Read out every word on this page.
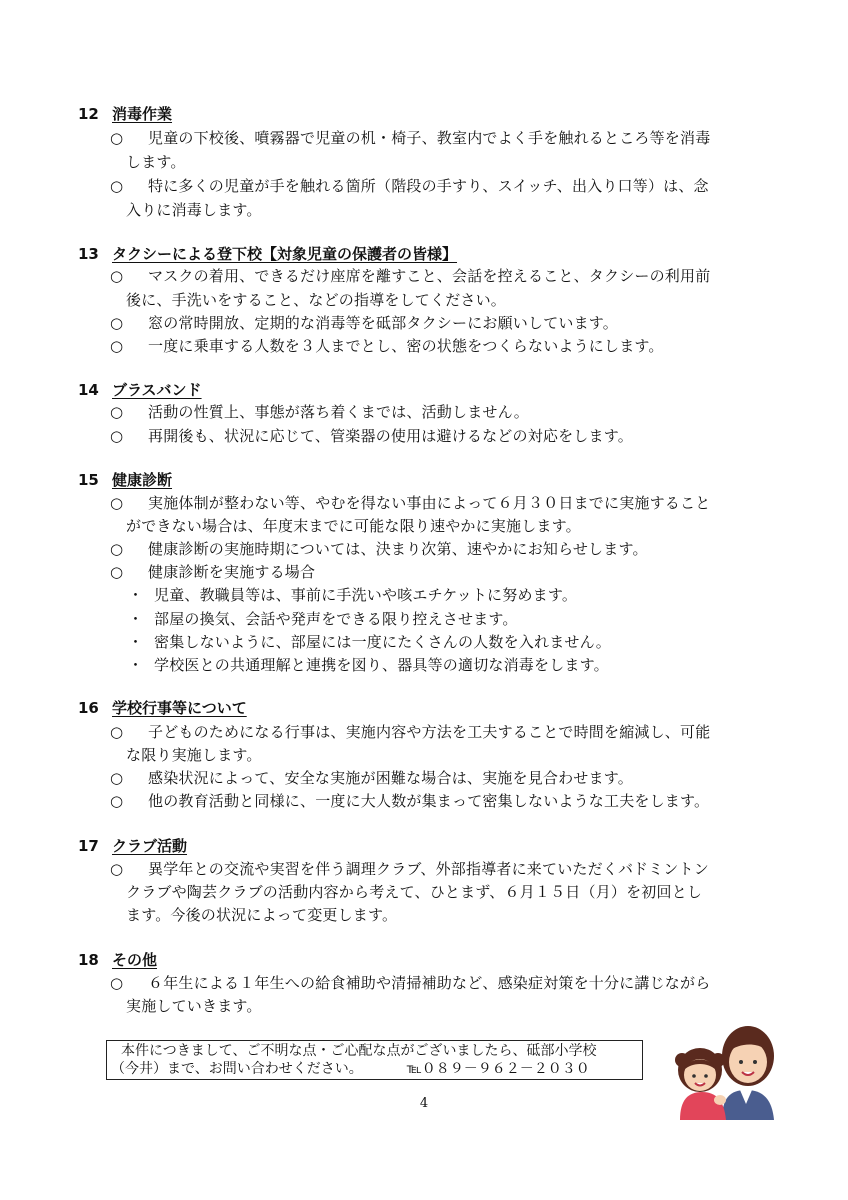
12 消毒作業
○ 児童の下校後、噴霧器で児童の机・椅子、教室内でよく手を触れるところ等を消毒
します。
○ 特に多くの児童が手を触れる箇所（階段の手すり、スイッチ、出入り口等）は、念
入りに消毒します。
13 タクシーによる登下校【対象児童の保護者の皆様】
○ マスクの着用、できるだけ座席を離すこと、会話を控えること、タクシーの利用前
後に、手洗いをすること、などの指導をしてください。
○ 窓の常時開放、定期的な消毒等を砥部タクシーにお願いしています。
○ 一度に乗車する人数を３人までとし、密の状態をつくらないようにします。
14 ブラスバンド
○ 活動の性質上、事態が落ち着くまでは、活動しません。
○ 再開後も、状況に応じて、管楽器の使用は避けるなどの対応をします。
15 健康診断
○ 実施体制が整わない等、やむを得ない事由によって６月３０日までに実施すること
ができない場合は、年度末までに可能な限り速やかに実施します。
○ 健康診断の実施時期については、決まり次第、速やかにお知らせします。
○ 健康診断を実施する場合
・ 児童、教職員等は、事前に手洗いや咳エチケットに努めます。
・ 部屋の換気、会話や発声をできる限り控えさせます。
・ 密集しないように、部屋には一度にたくさんの人数を入れません。
・ 学校医との共通理解と連携を図り、器具等の適切な消毒をします。
16 学校行事等について
○ 子どものためになる行事は、実施内容や方法を工夫することで時間を縮減し、可能
な限り実施します。
○ 感染状況によって、安全な実施が困難な場合は、実施を見合わせます。
○ 他の教育活動と同様に、一度に大人数が集まって密集しないような工夫をします。
17 クラブ活動
○ 異学年との交流や実習を伴う調理クラブ、外部指導者に来ていただくバドミントン
クラブや陶芸クラブの活動内容から考えて、ひとまず、６月１５日（月）を初回とし
ます。今後の状況によって変更します。
18 その他
○ ６年生による１年生への給食補助や清掃補助など、感染症対策を十分に講じながら
実施していきます。
本件につきまして、ご不明な点・ご心配な点がございましたら、砥部小学校
（今井）まで、お問い合わせください。	℡０８９－９６２－２０３０
4
